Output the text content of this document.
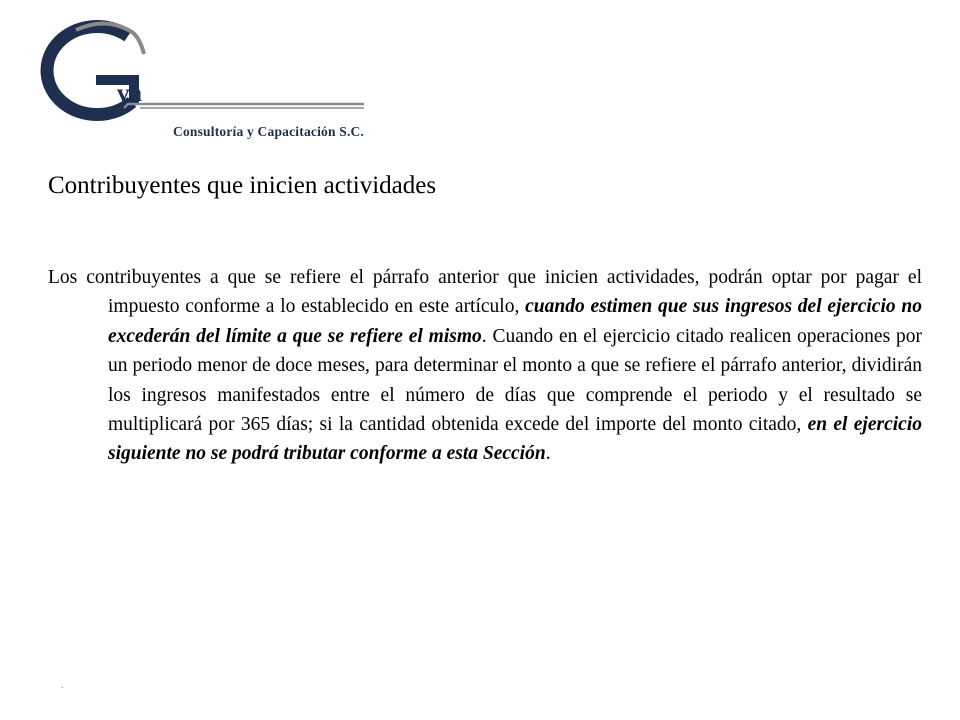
va
Consultoría y Capacitación S.C.
Contribuyentes que inicien actividades

Los contribuyentes a que se refiere el párrafo anterior que inicien actividades, podrán optar por pagar el impuesto conforme a lo establecido en este artículo, cuando estimen que sus ingresos del ejercicio no excederán del límite a que se refiere el mismo. Cuando en el ejercicio citado realicen operaciones por un periodo menor de doce meses, para determinar el monto a que se refiere el párrafo anterior, dividirán los ingresos manifestados entre el número de días que comprende el periodo y el resultado se multiplicará por 365 días; si la cantidad obtenida excede del importe del monto citado, en el ejercicio siguiente no se podrá tributar conforme a esta Sección.

.
